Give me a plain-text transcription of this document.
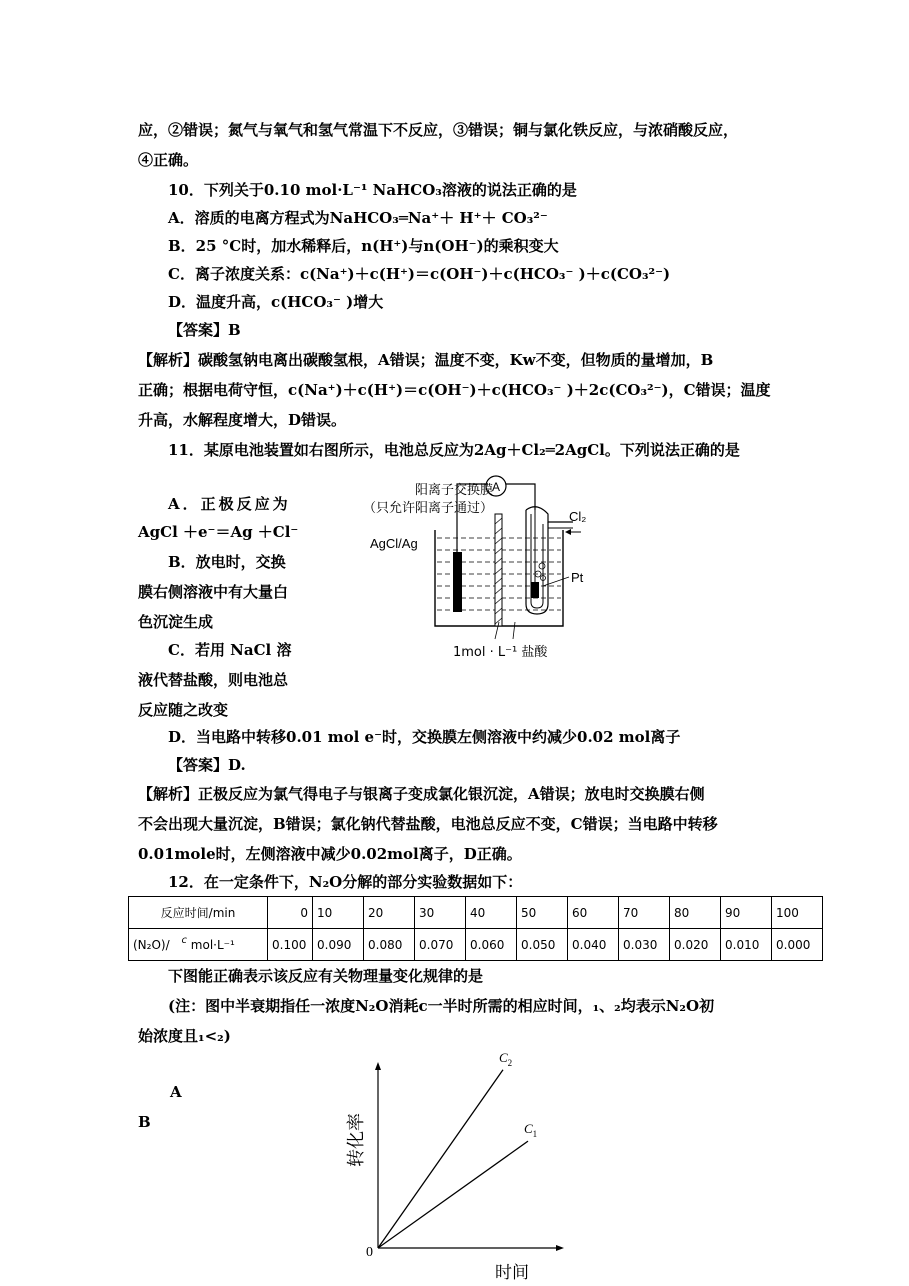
应，②错误；氮气与氧气和氢气常温下不反应，③错误；铜与氯化铁反应，与浓硝酸反应，
④正确。
10．下列关于0.10 mol·L⁻¹ NaHCO₃溶液的说法正确的是
A．溶质的电离方程式为NaHCO₃═Na⁺＋ H⁺＋ CO₃²⁻
B．25 °C时，加水稀释后，n(H⁺)与n(OH⁻)的乘积变大
C．离子浓度关系：c(Na⁺)＋c(H⁺)＝c(OH⁻)＋c(HCO₃⁻ )＋c(CO₃²⁻)
D．温度升高，c(HCO₃⁻ )增大
【答案】B
【解析】碳酸氢钠电离出碳酸氢根，A错误；温度不变，Kw不变，但物质的量增加，B
正确；根据电荷守恒，c(Na⁺)＋c(H⁺)＝c(OH⁻)＋c(HCO₃⁻ )＋2c(CO₃²⁻)，C错误；温度
升高，水解程度增大，D错误。
11．某原电池装置如右图所示，电池总反应为2Ag＋Cl₂═2AgCl。下列说法正确的是
A．正极反应为
AgCl ＋e⁻＝Ag ＋Cl⁻
B．放电时，交换
膜右侧溶液中有大量白
色沉淀生成
C．若用 NaCl 溶
液代替盐酸，则电池总
反应随之改变
A
阳离子交换膜
（只允许阳离子通过）
AgCl/Ag
Cl₂
Pt
1mol · L⁻¹ 盐酸
D．当电路中转移0.01 mol e⁻时，交换膜左侧溶液中约减少0.02 mol离子
【答案】D.
【解析】正极反应为氯气得电子与银离子变成氯化银沉淀，A错误；放电时交换膜右侧
不会出现大量沉淀，B错误；氯化钠代替盐酸，电池总反应不变，C错误；当电路中转移
0.01mole时，左侧溶液中减少0.02mol离子，D正确。
12．在一定条件下，N₂O分解的部分实验数据如下：
反应时间/min	0	10	20	30	40	50	60	70	80	90	100
(N₂O)/ $^c$ mol·L⁻¹	0.100	0.090	0.080	0.070	0.060	0.050	0.040	0.030	0.020	0.010	0.000
下图能正确表示该反应有关物理量变化规律的是
(注：图中半衰期指任一浓度N₂O消耗c一半时所需的相应时间，₁、₂均表示N₂O初
始浓度且₁<₂)
A
B
0
转化率
时间
$C_2$
$C_1$
